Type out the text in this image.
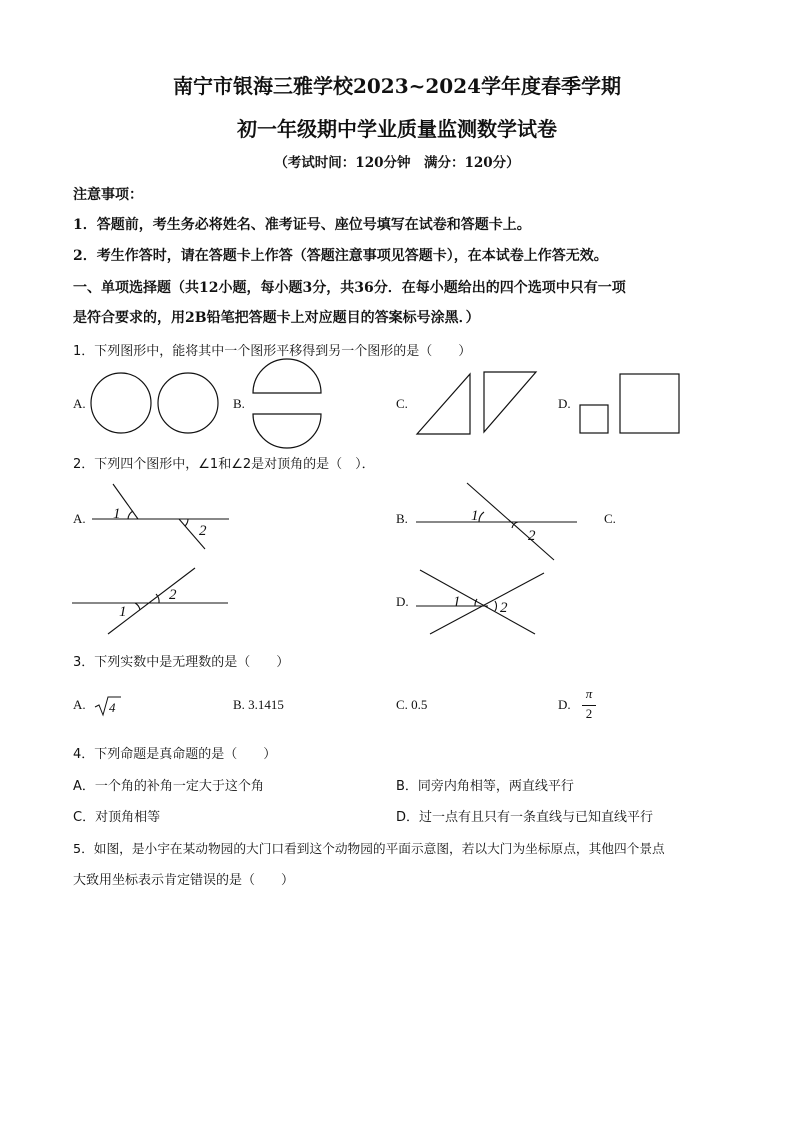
南宁市银海三雅学校2023~2024学年度春季学期
初一年级期中学业质量监测数学试卷
（考试时间：120分钟　满分：120分）
注意事项：
1．答题前，考生务必将姓名、准考证号、座位号填写在试卷和答题卡上。
2．考生作答时，请在答题卡上作答（答题注意事项见答题卡），在本试卷上作答无效。
一、单项选择题（共12小题，每小题3分，共36分．在每小题给出的四个选项中只有一项
是符合要求的，用2B铅笔把答题卡上对应题目的答案标号涂黑．）
1．下列图形中，能将其中一个图形平移得到另一个图形的是（　　）
A.	B.	C.	D.
2．下列四个图形中，∠1和∠2是对顶角的是（　）．
A.	B.	C.
D.
1
2
1
2
1
2	1	2
3．下列实数中是无理数的是（　　）
A. 4	B. 3.1415	C. 0.5	D.
π
2
4．下列命题是真命题的是（　　）
A．一个角的补角一定大于这个角	B．同旁内角相等，两直线平行
C．对顶角相等	D．过一点有且只有一条直线与已知直线平行
5．如图，是小宇在某动物园的大门口看到这个动物园的平面示意图，若以大门为坐标原点，其他四个景点
大致用坐标表示肯定错误的是（　　）
